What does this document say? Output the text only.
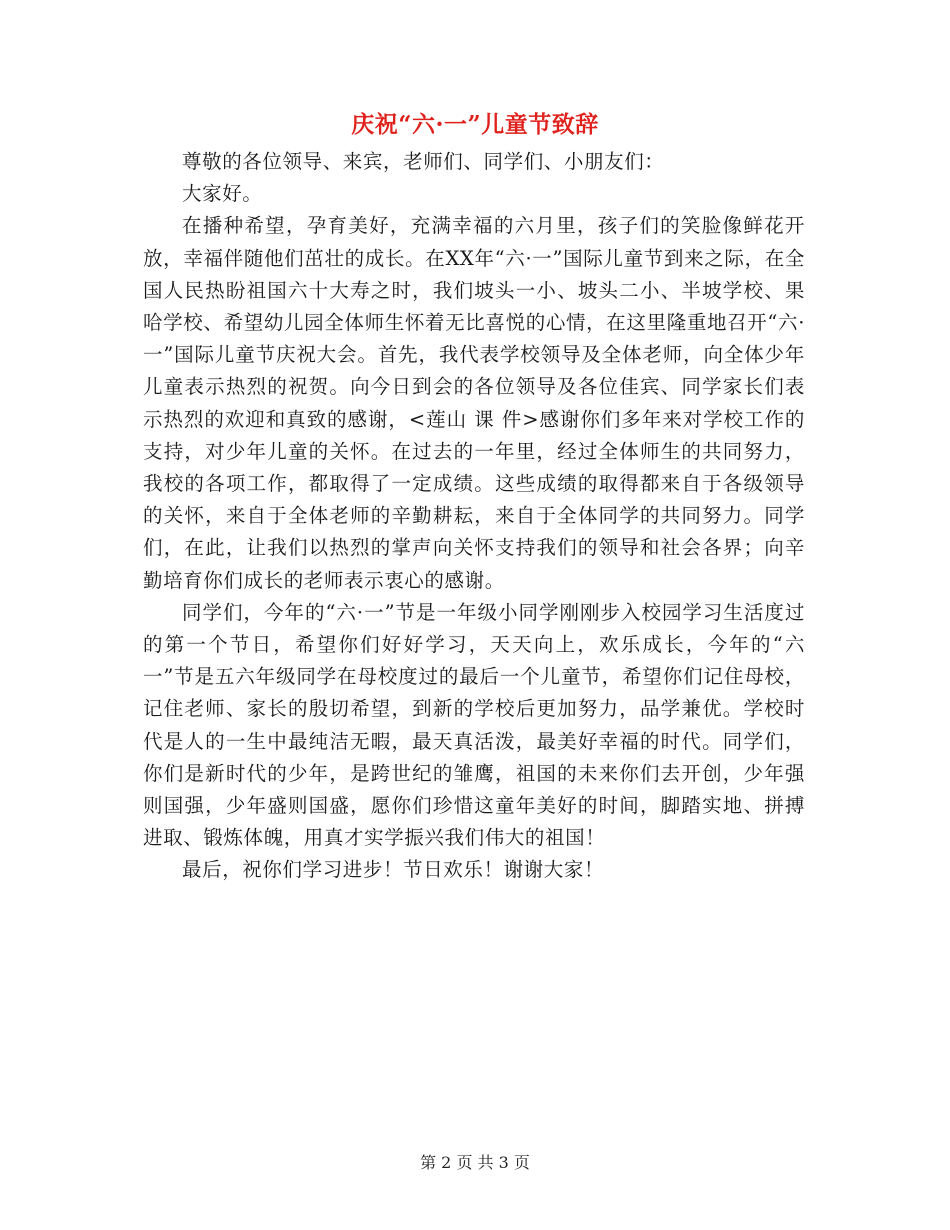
庆祝“六·一”儿童节致辞

尊敬的各位领导、来宾，老师们、同学们、小朋友们：

大家好。

在播种希望，孕育美好，充满幸福的六月里，孩子们的笑脸像鲜花开放，幸福伴随他们茁壮的成长。在XX年“六·一”国际儿童节到来之际，在全国人民热盼祖国六十大寿之时，我们坡头一小、坡头二小、半坡学校、果哈学校、希望幼儿园全体师生怀着无比喜悦的心情，在这里隆重地召开“六·一”国际儿童节庆祝大会。首先，我代表学校领导及全体老师，向全体少年儿童表示热烈的祝贺。向今日到会的各位领导及各位佳宾、同学家长们表示热烈的欢迎和真致的感谢，<莲山 课 件>感谢你们多年来对学校工作的支持，对少年儿童的关怀。在过去的一年里，经过全体师生的共同努力，我校的各项工作，都取得了一定成绩。这些成绩的取得都来自于各级领导的关怀，来自于全体老师的辛勤耕耘，来自于全体同学的共同努力。同学们，在此，让我们以热烈的掌声向关怀支持我们的领导和社会各界；向辛勤培育你们成长的老师表示衷心的感谢。

同学们，今年的“六·一”节是一年级小同学刚刚步入校园学习生活度过的第一个节日，希望你们好好学习，天天向上，欢乐成长，今年的“六一”节是五六年级同学在母校度过的最后一个儿童节，希望你们记住母校，记住老师、家长的殷切希望，到新的学校后更加努力，品学兼优。学校时代是人的一生中最纯洁无暇，最天真活泼，最美好幸福的时代。同学们，你们是新时代的少年，是跨世纪的雏鹰，祖国的未来你们去开创，少年强则国强，少年盛则国盛，愿你们珍惜这童年美好的时间，脚踏实地、拼搏进取、锻炼体魄，用真才实学振兴我们伟大的祖国！

最后，祝你们学习进步！节日欢乐！谢谢大家！

第 2 页 共 3 页
